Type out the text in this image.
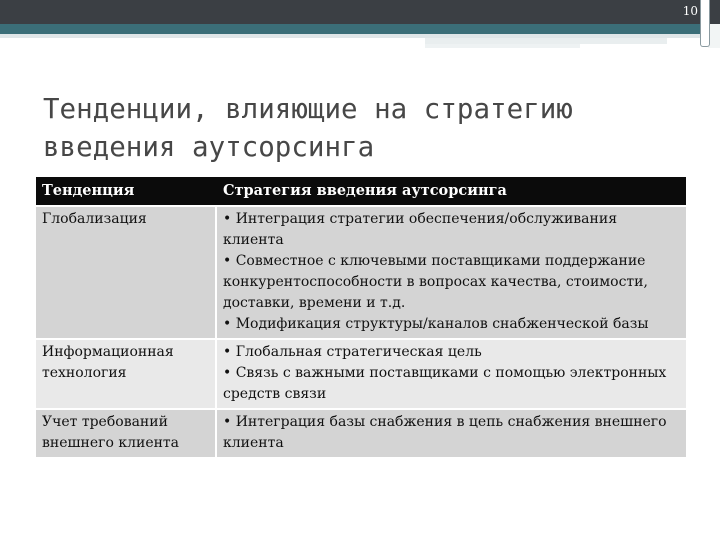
10
Тенденции, влияющие на стратегию
введения аутсорсинга
Тенденция	Стратегия введения аутсорсинга
Глобализация	• Интеграция стратегии обеспечения/обслуживания клиента
• Совместное с ключевыми поставщиками поддержание конкурентоспособности в вопросах качества, стоимости, доставки, времени и т.д.
• Модификация структуры/каналов снабженческой базы

Информационная технология	• Глобальная стратегическая цель
• Связь с важными поставщиками с помощью электронных средств связи

Учет требований внешнего клиента	• Интеграция базы снабжения в цепь снабжения внешнего клиента
